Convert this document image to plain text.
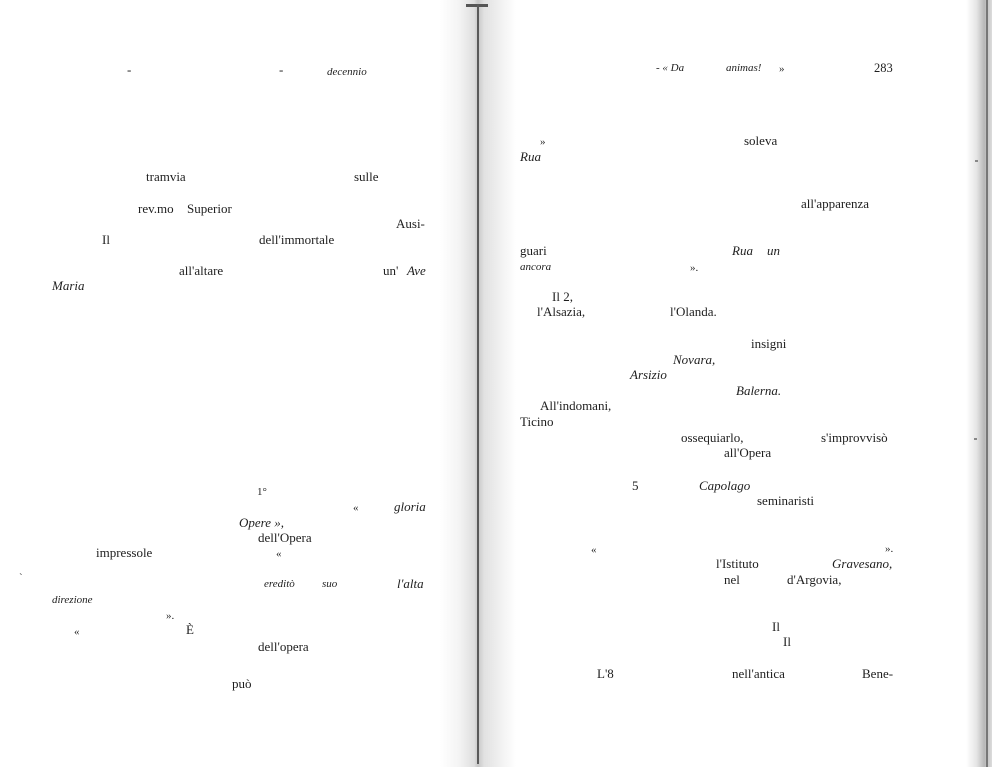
-	-	decennio
tramvia	sulle
rev.mo Superior
Ausi-
Il	dell'immortale
all'altare	un' Ave
Maria
1°
«	gloria
Opere »,
dell'Opera
impressole	«
`	ereditò suo	l'alta
direzione
».
«	È
dell'opera
può
- « Da	animas! »	283
»	soleva
Rua
all'apparenza
guari	Rua un
ancora	».
Il 2,
l'Alsazia,	l'Olanda.
insigni
Novara,
Arsizio
Balerna.
All'indomani,
Ticino
ossequiarlo,	s'improvvisò
all'Opera
5	Capolago
seminaristi
«	».
l'Istituto	Gravesano,
nel	d'Argovia,
Il
Il
L'8	nell'antica	Bene-
